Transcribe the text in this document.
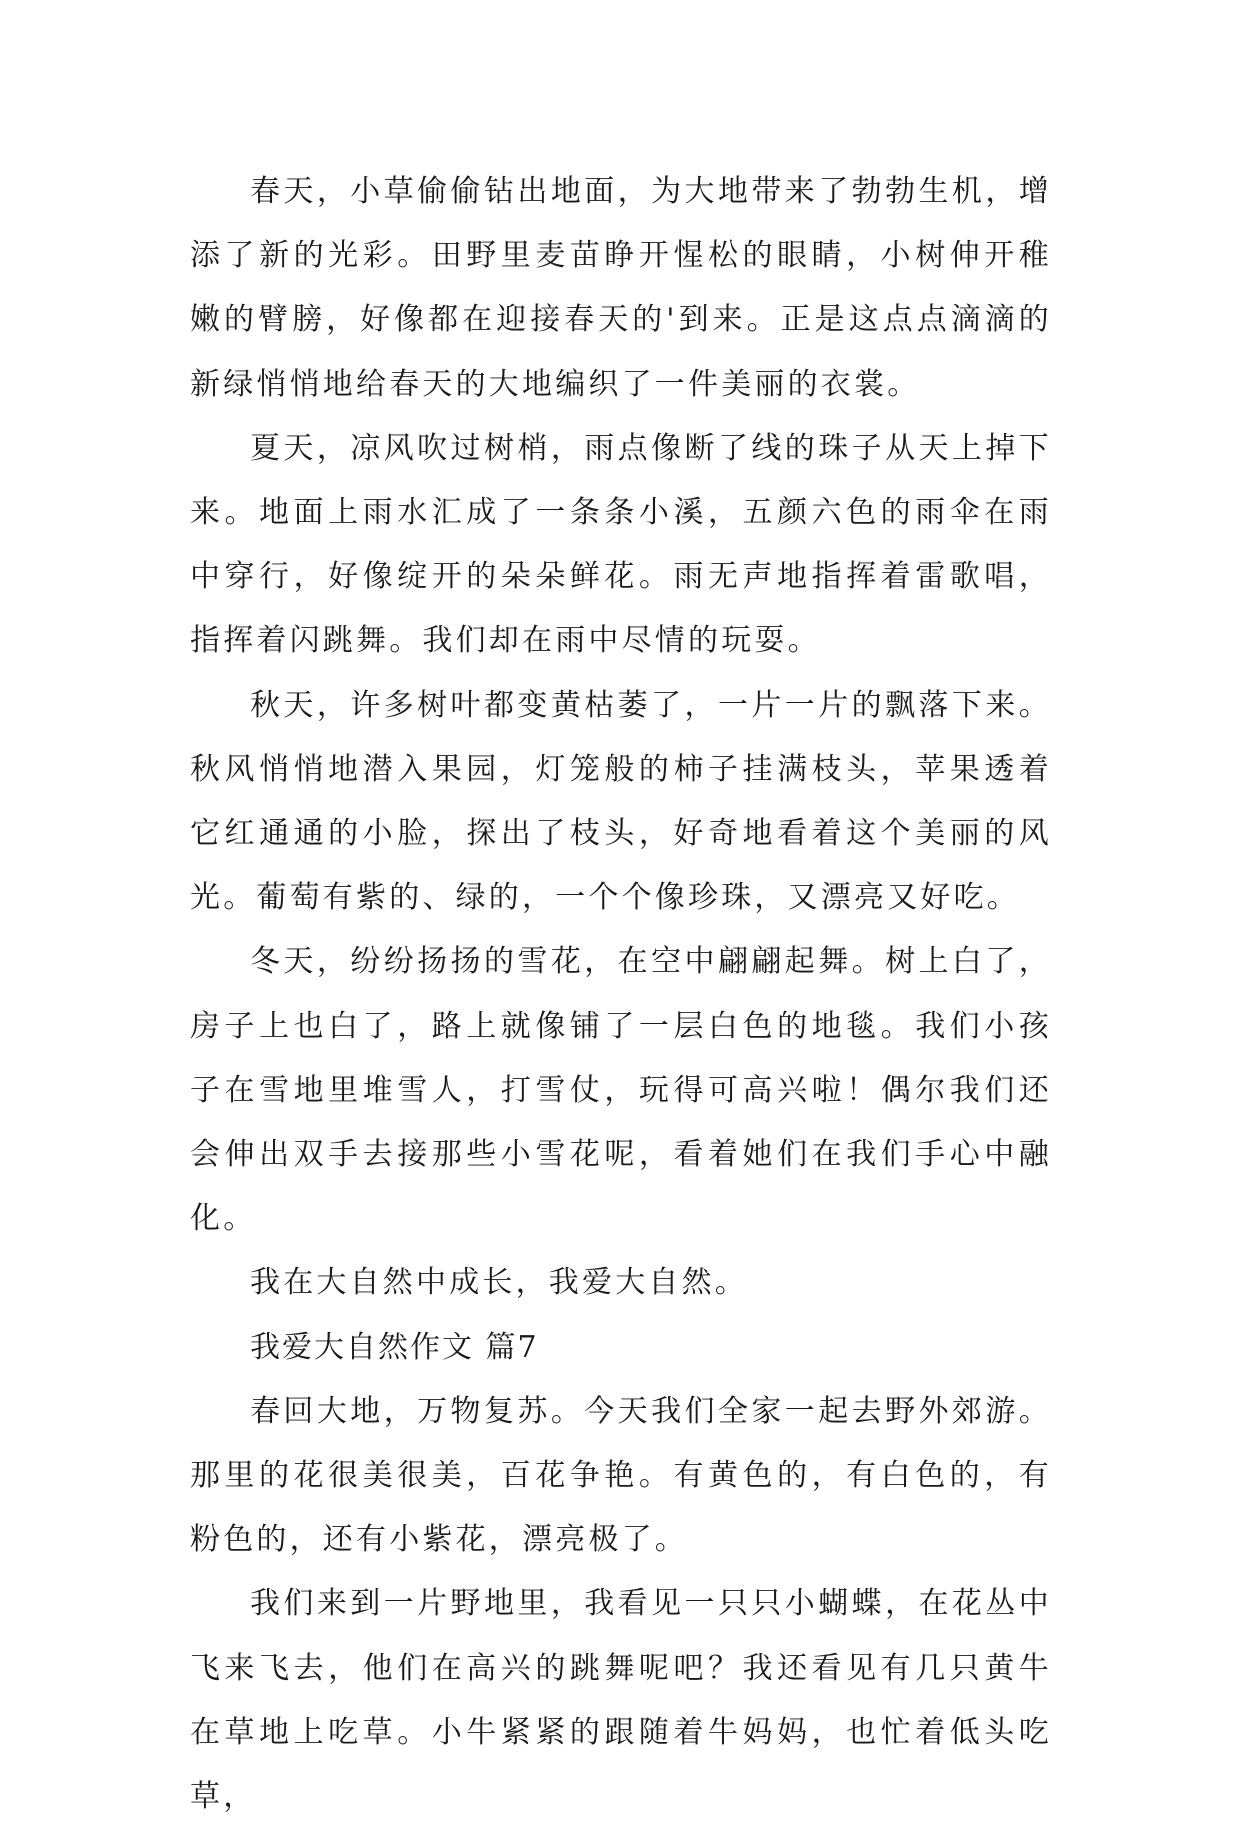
春天，小草偷偷钻出地面，为大地带来了勃勃生机，增添了新的光彩。田野里麦苗睁开惺松的眼睛，小树伸开稚嫩的臂膀，好像都在迎接春天的'到来。正是这点点滴滴的新绿悄悄地给春天的大地编织了一件美丽的衣裳。

夏天，凉风吹过树梢，雨点像断了线的珠子从天上掉下来。地面上雨水汇成了一条条小溪，五颜六色的雨伞在雨中穿行，好像绽开的朵朵鲜花。雨无声地指挥着雷歌唱，指挥着闪跳舞。我们却在雨中尽情的玩耍。

秋天，许多树叶都变黄枯萎了，一片一片的飘落下来。秋风悄悄地潜入果园，灯笼般的柿子挂满枝头，苹果透着它红通通的小脸，探出了枝头，好奇地看着这个美丽的风光。葡萄有紫的、绿的，一个个像珍珠，又漂亮又好吃。

冬天，纷纷扬扬的雪花，在空中翩翩起舞。树上白了，房子上也白了，路上就像铺了一层白色的地毯。我们小孩子在雪地里堆雪人，打雪仗，玩得可高兴啦！偶尔我们还会伸出双手去接那些小雪花呢，看着她们在我们手心中融化。

我在大自然中成长，我爱大自然。

我爱大自然作文 篇7

春回大地，万物复苏。今天我们全家一起去野外郊游。那里的花很美很美，百花争艳。有黄色的，有白色的，有粉色的，还有小紫花，漂亮极了。

我们来到一片野地里，我看见一只只小蝴蝶，在花丛中飞来飞去，他们在高兴的跳舞呢吧？我还看见有几只黄牛在草地上吃草。小牛紧紧的跟随着牛妈妈，也忙着低头吃草，
